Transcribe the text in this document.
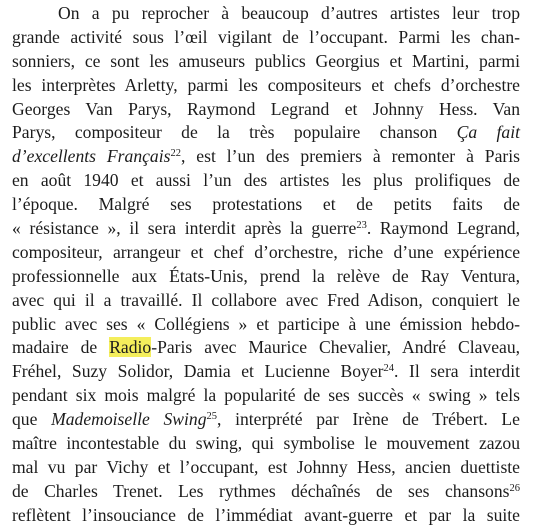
On a pu reprocher à beaucoup d’autres artistes leur trop
grande activité sous l’œil vigilant de l’occupant. Parmi les chan-
sonniers, ce sont les amuseurs publics Georgius et Martini, parmi
les interprètes Arletty, parmi les compositeurs et chefs d’orchestre
Georges Van Parys, Raymond Legrand et Johnny Hess. Van
Parys, compositeur de la très populaire chanson Ça fait
d’excellents Français$^{22}$, est l’un des premiers à remonter à Paris
en août 1940 et aussi l’un des artistes les plus prolifiques de
l’époque. Malgré ses protestations et de petits faits de
« résistance », il sera interdit après la guerre$^{23}$. Raymond Legrand,
compositeur, arrangeur et chef d’orchestre, riche d’une expérience
professionnelle aux États-Unis, prend la relève de Ray Ventura,
avec qui il a travaillé. Il collabore avec Fred Adison, conquiert le
public avec ses « Collégiens » et participe à une émission hebdo-
madaire de Radio-Paris avec Maurice Chevalier, André Claveau,
Fréhel, Suzy Solidor, Damia et Lucienne Boyer$^{24}$. Il sera interdit
pendant six mois malgré la popularité de ses succès « swing » tels
que Mademoiselle Swing$^{25}$, interprété par Irène de Trébert. Le
maître incontestable du swing, qui symbolise le mouvement zazou
mal vu par Vichy et l’occupant, est Johnny Hess, ancien duettiste
de Charles Trenet. Les rythmes déchaînés de ses chansons$^{26}$
reflètent l’insouciance de l’immédiat avant-guerre et par la suite
